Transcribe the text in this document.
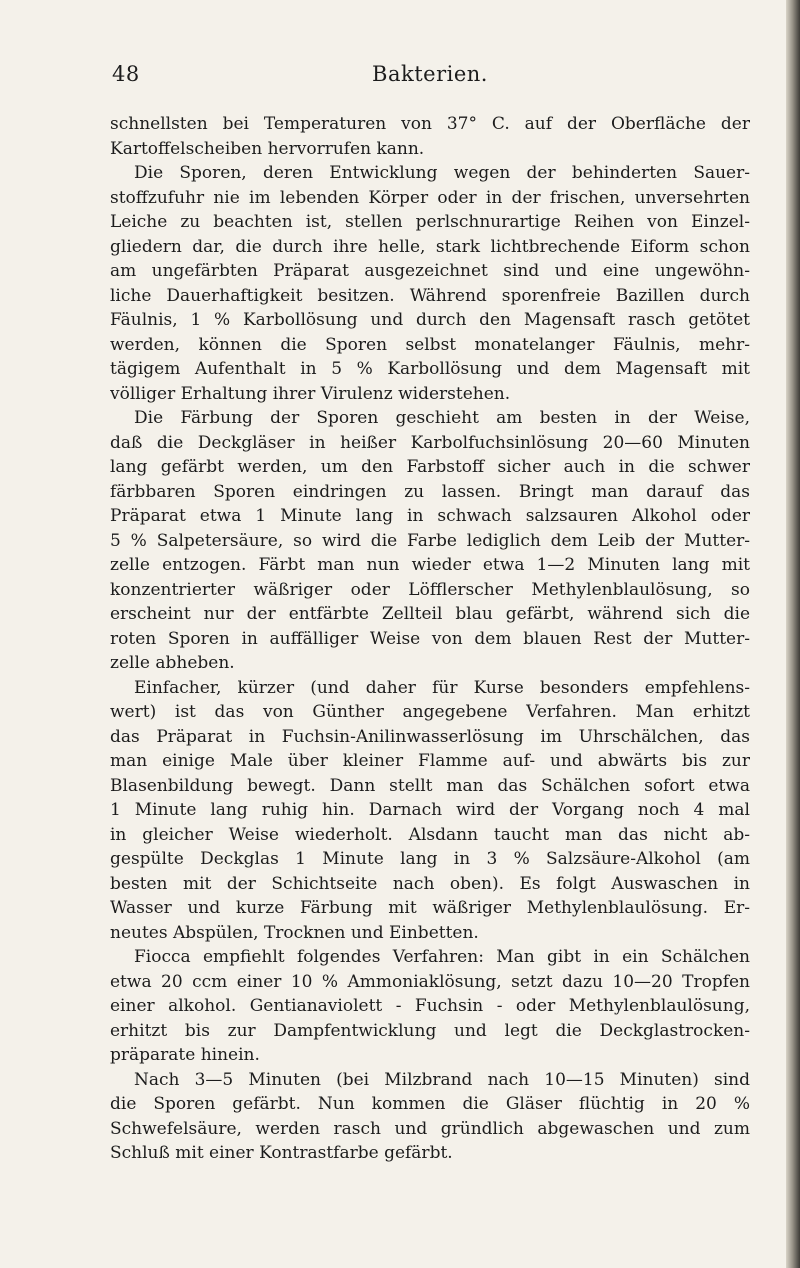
48	Bakterien.
schnellsten bei Temperaturen von 37° C. auf der Oberfläche der
Kartoffelscheiben hervorrufen kann.
Die Sporen, deren Entwicklung wegen der behinderten Sauer-
stoffzufuhr nie im lebenden Körper oder in der frischen, unversehrten
Leiche zu beachten ist, stellen perlschnurartige Reihen von Einzel-
gliedern dar, die durch ihre helle, stark lichtbrechende Eiform schon
am ungefärbten Präparat ausgezeichnet sind und eine ungewöhn-
liche Dauerhaftigkeit besitzen. Während sporenfreie Bazillen durch
Fäulnis, 1 % Karbollösung und durch den Magensaft rasch getötet
werden, können die Sporen selbst monatelanger Fäulnis, mehr-
tägigem Aufenthalt in 5 % Karbollösung und dem Magensaft mit
völliger Erhaltung ihrer Virulenz widerstehen.
Die Färbung der Sporen geschieht am besten in der Weise,
daß die Deckgläser in heißer Karbolfuchsinlösung 20—60 Minuten
lang gefärbt werden, um den Farbstoff sicher auch in die schwer
färbbaren Sporen eindringen zu lassen. Bringt man darauf das
Präparat etwa 1 Minute lang in schwach salzsauren Alkohol oder
5 % Salpetersäure, so wird die Farbe lediglich dem Leib der Mutter-
zelle entzogen. Färbt man nun wieder etwa 1—2 Minuten lang mit
konzentrierter wäßriger oder Löfflerscher Methylenblaulösung, so
erscheint nur der entfärbte Zellteil blau gefärbt, während sich die
roten Sporen in auffälliger Weise von dem blauen Rest der Mutter-
zelle abheben.
Einfacher, kürzer (und daher für Kurse besonders empfehlens-
wert) ist das von Günther angegebene Verfahren. Man erhitzt
das Präparat in Fuchsin-Anilinwasserlösung im Uhrschälchen, das
man einige Male über kleiner Flamme auf- und abwärts bis zur
Blasenbildung bewegt. Dann stellt man das Schälchen sofort etwa
1 Minute lang ruhig hin. Darnach wird der Vorgang noch 4 mal
in gleicher Weise wiederholt. Alsdann taucht man das nicht ab-
gespülte Deckglas 1 Minute lang in 3 % Salzsäure-Alkohol (am
besten mit der Schichtseite nach oben). Es folgt Auswaschen in
Wasser und kurze Färbung mit wäßriger Methylenblaulösung. Er-
neutes Abspülen, Trocknen und Einbetten.
Fiocca empfiehlt folgendes Verfahren: Man gibt in ein Schälchen
etwa 20 ccm einer 10 % Ammoniaklösung, setzt dazu 10—20 Tropfen
einer alkohol. Gentianaviolett - Fuchsin - oder Methylenblaulösung,
erhitzt bis zur Dampfentwicklung und legt die Deckglastrocken-
präparate hinein.
Nach 3—5 Minuten (bei Milzbrand nach 10—15 Minuten) sind
die Sporen gefärbt. Nun kommen die Gläser flüchtig in 20 %
Schwefelsäure, werden rasch und gründlich abgewaschen und zum
Schluß mit einer Kontrastfarbe gefärbt.
